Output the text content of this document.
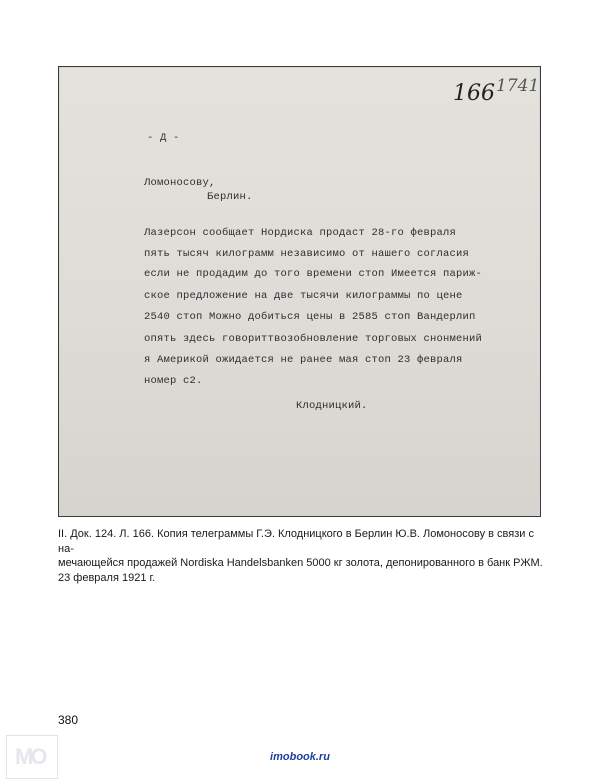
166 1741
- Д -
Ломоносову,
Берлин.
Лазерсон сообщает Нордиска продаст 28-го февраля
пять тысяч килограмм независимо от нашего согласия
если не продадим до того времени стоп Имеется париж-
ское предложение на две тысячи килограммы по цене
2540 стоп Можно добиться цены в 2585 стоп Вандерлип
опять здесь говориттвозобновление торговых снонмений
я Америкой ожидается не ранее мая стоп 23 февраля
номер с2.
Клодницкий.

II. Док. 124. Л. 166. Копия телеграммы Г.Э. Клодницкого в Берлин Ю.В. Ломоносову в связи с на-

мечающейся продажей Nordiska Handelsbanken 5000 кг золота, депонированного в банк РЖМ.

23 февраля 1921 г.

380
MO	imobook.ru
